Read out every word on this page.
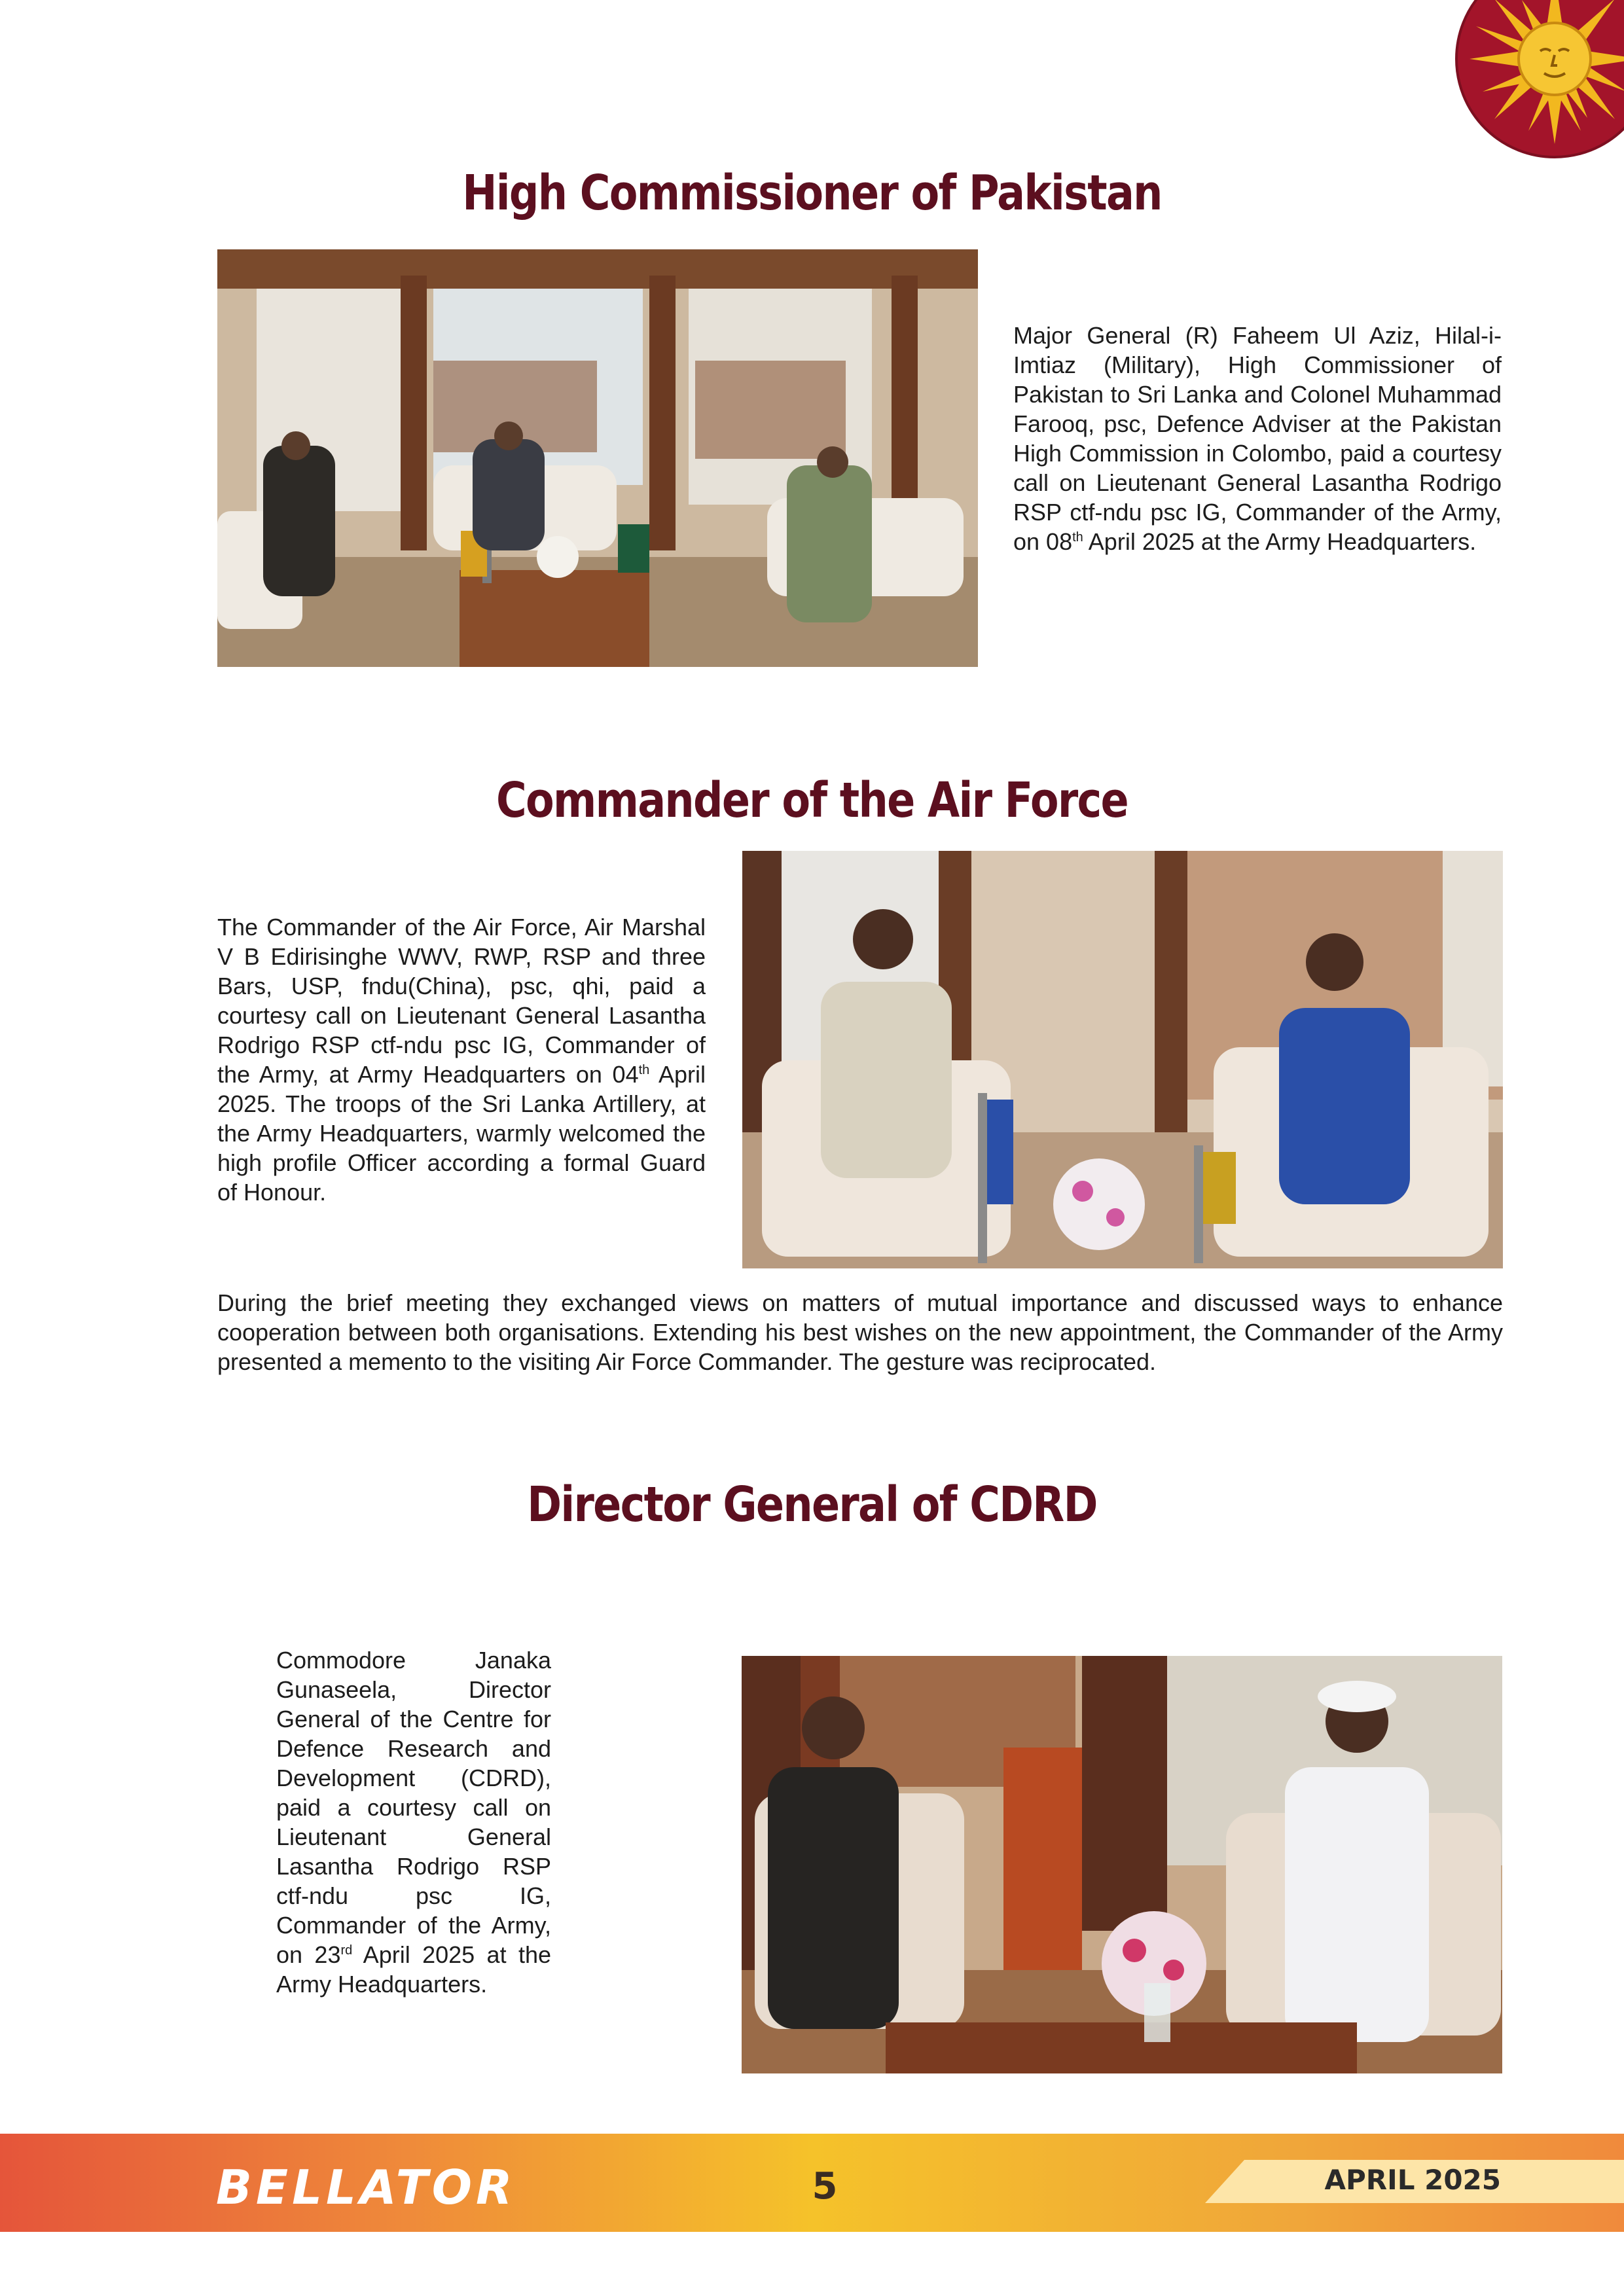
High Commissioner of Pakistan

Major General (R) Faheem Ul Aziz, Hilal-i-Imtiaz (Military), High Commissioner of Pakistan to Sri Lanka and Colonel Muhammad Farooq, psc, Defence Adviser at the Pakistan High Commission in Colombo, paid a courtesy call on Lieutenant General Lasantha Rodrigo RSP ctf-ndu psc IG, Commander of the Army, on 08th April 2025 at the Army Headquarters.

Commander of the Air Force

The Commander of the Air Force, Air Marshal V B Edirisinghe WWV, RWP, RSP and three Bars, USP, fndu(China), psc, qhi, paid a courtesy call on Lieutenant General Lasantha Rodrigo RSP ctf-ndu psc IG, Commander of the Army, at Army Headquarters on 04th April 2025. The troops of the Sri Lanka Artillery, at the Army Headquarters, warmly welcomed the high profile Officer according a formal Guard of Honour.

During the brief meeting they exchanged views on matters of mutual importance and discussed ways to enhance cooperation between both organisations. Extending his best wishes on the new appointment, the Commander of the Army presented a memento to the visiting Air Force Commander. The gesture was reciprocated.

Director General of CDRD

Commodore Janaka Gunaseela, Director General of the Centre for Defence Research and Development (CDRD), paid a courtesy call on Lieutenant General Lasantha Rodrigo RSP ctf-ndu psc IG, Commander of the Army, on 23rd April 2025 at the Army Headquarters.

BELLATOR	5	APRIL 2025
